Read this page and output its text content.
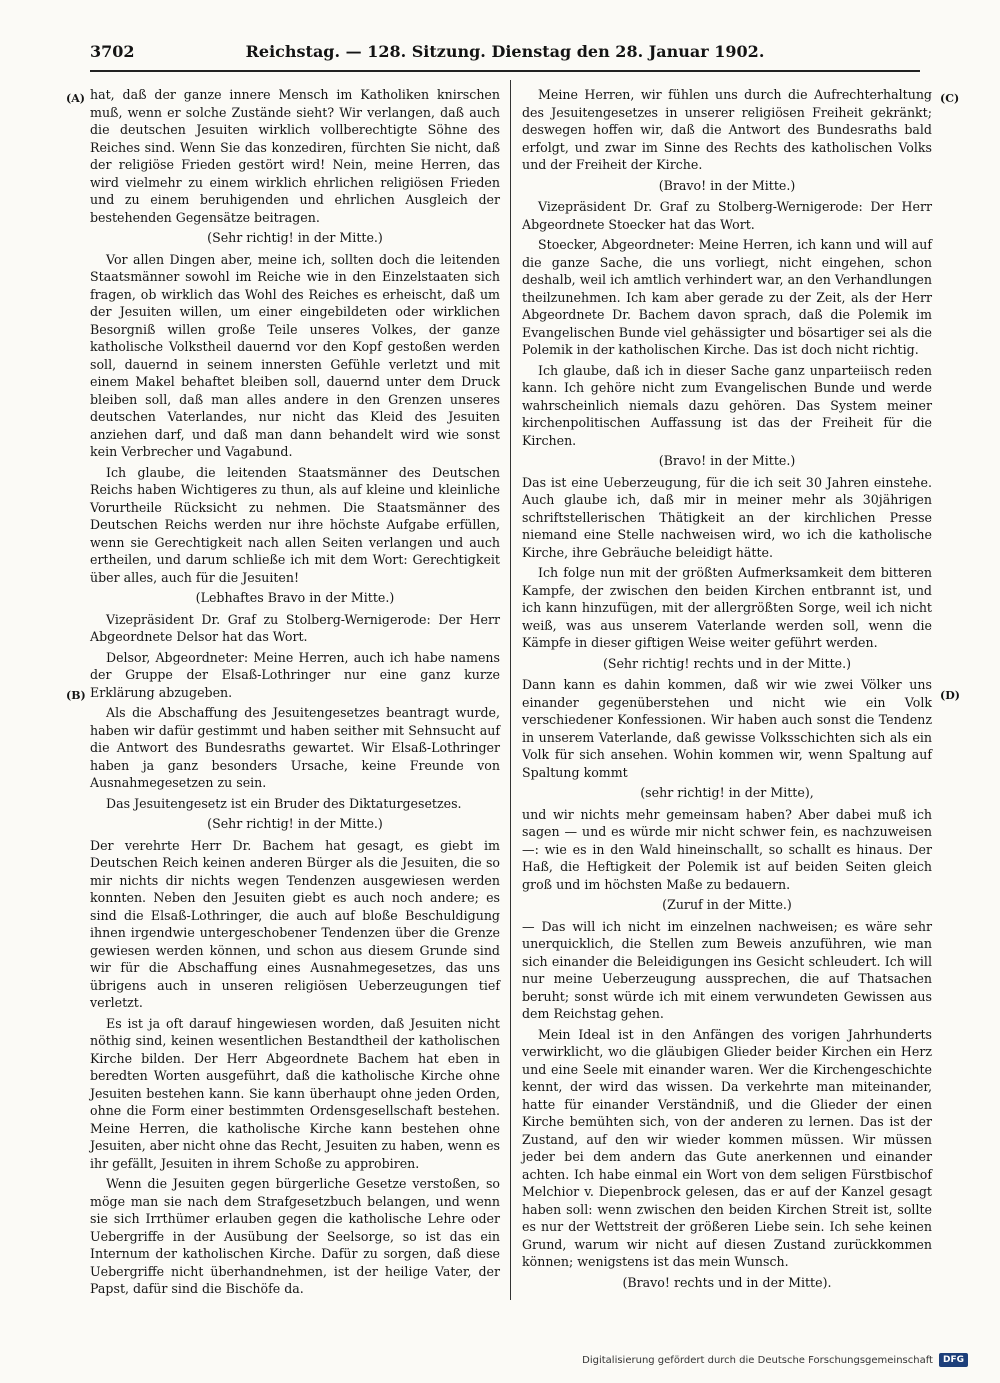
3702	Reichstag. — 128. Sitzung. Dienstag den 28. Januar 1902.
(A)
(B)
(C)
(D)

hat, daß der ganze innere Mensch im Katholiken knirschen muß, wenn er solche Zustände sieht? Wir verlangen, daß auch die deutschen Jesuiten wirklich vollberechtigte Söhne des Reiches sind. Wenn Sie das konzediren, fürchten Sie nicht, daß der religiöse Frieden gestört wird! Nein, meine Herren, das wird vielmehr zu einem wirklich ehrlichen religiösen Frieden und zu einem beruhigenden und ehrlichen Ausgleich der bestehenden Gegensätze beitragen.

(Sehr richtig! in der Mitte.)

Vor allen Dingen aber, meine ich, sollten doch die leitenden Staatsmänner sowohl im Reiche wie in den Einzelstaaten sich fragen, ob wirklich das Wohl des Reiches es erheischt, daß um der Jesuiten willen, um einer eingebildeten oder wirklichen Besorgniß willen große Teile unseres Volkes, der ganze katholische Volkstheil dauernd vor den Kopf gestoßen werden soll, dauernd in seinem innersten Gefühle verletzt und mit einem Makel behaftet bleiben soll, dauernd unter dem Druck bleiben soll, daß man alles andere in den Grenzen unseres deutschen Vaterlandes, nur nicht das Kleid des Jesuiten anziehen darf, und daß man dann behandelt wird wie sonst kein Verbrecher und Vagabund.

Ich glaube, die leitenden Staatsmänner des Deutschen Reichs haben Wichtigeres zu thun, als auf kleine und kleinliche Vorurtheile Rücksicht zu nehmen. Die Staatsmänner des Deutschen Reichs werden nur ihre höchste Aufgabe erfüllen, wenn sie Gerechtigkeit nach allen Seiten verlangen und auch ertheilen, und darum schließe ich mit dem Wort: Gerechtigkeit über alles, auch für die Jesuiten!

(Lebhaftes Bravo in der Mitte.)

Vizepräsident Dr. Graf zu Stolberg-Wernigerode: Der Herr Abgeordnete Delsor hat das Wort.

Delsor, Abgeordneter: Meine Herren, auch ich habe namens der Gruppe der Elsaß-Lothringer nur eine ganz kurze Erklärung abzugeben.

Als die Abschaffung des Jesuitengesetzes beantragt wurde, haben wir dafür gestimmt und haben seither mit Sehnsucht auf die Antwort des Bundesraths gewartet. Wir Elsaß-Lothringer haben ja ganz besonders Ursache, keine Freunde von Ausnahmegesetzen zu sein.

Das Jesuitengesetz ist ein Bruder des Diktaturgesetzes.

(Sehr richtig! in der Mitte.)

Der verehrte Herr Dr. Bachem hat gesagt, es giebt im Deutschen Reich keinen anderen Bürger als die Jesuiten, die so mir nichts dir nichts wegen Tendenzen ausgewiesen werden konnten. Neben den Jesuiten giebt es auch noch andere; es sind die Elsaß-Lothringer, die auch auf bloße Beschuldigung ihnen irgendwie untergeschobener Tendenzen über die Grenze gewiesen werden können, und schon aus diesem Grunde sind wir für die Abschaffung eines Ausnahmegesetzes, das uns übrigens auch in unseren religiösen Ueberzeugungen tief verletzt.

Es ist ja oft darauf hingewiesen worden, daß Jesuiten nicht nöthig sind, keinen wesentlichen Bestandtheil der katholischen Kirche bilden. Der Herr Abgeordnete Bachem hat eben in beredten Worten ausgeführt, daß die katholische Kirche ohne Jesuiten bestehen kann. Sie kann überhaupt ohne jeden Orden, ohne die Form einer bestimmten Ordensgesellschaft bestehen. Meine Herren, die katholische Kirche kann bestehen ohne Jesuiten, aber nicht ohne das Recht, Jesuiten zu haben, wenn es ihr gefällt, Jesuiten in ihrem Schoße zu approbiren.

Wenn die Jesuiten gegen bürgerliche Gesetze verstoßen, so möge man sie nach dem Strafgesetzbuch belangen, und wenn sie sich Irrthümer erlauben gegen die katholische Lehre oder Uebergriffe in der Ausübung der Seelsorge, so ist das ein Internum der katholischen Kirche. Dafür zu sorgen, daß diese Uebergriffe nicht überhandnehmen, ist der heilige Vater, der Papst, dafür sind die Bischöfe da.

Meine Herren, wir fühlen uns durch die Aufrechterhaltung des Jesuitengesetzes in unserer religiösen Freiheit gekränkt; deswegen hoffen wir, daß die Antwort des Bundesraths bald erfolgt, und zwar im Sinne des Rechts des katholischen Volks und der Freiheit der Kirche.

(Bravo! in der Mitte.)

Vizepräsident Dr. Graf zu Stolberg-Wernigerode: Der Herr Abgeordnete Stoecker hat das Wort.

Stoecker, Abgeordneter: Meine Herren, ich kann und will auf die ganze Sache, die uns vorliegt, nicht eingehen, schon deshalb, weil ich amtlich verhindert war, an den Verhandlungen theilzunehmen. Ich kam aber gerade zu der Zeit, als der Herr Abgeordnete Dr. Bachem davon sprach, daß die Polemik im Evangelischen Bunde viel gehässigter und bösartiger sei als die Polemik in der katholischen Kirche. Das ist doch nicht richtig.

Ich glaube, daß ich in dieser Sache ganz unparteiisch reden kann. Ich gehöre nicht zum Evangelischen Bunde und werde wahrscheinlich niemals dazu gehören. Das System meiner kirchenpolitischen Auffassung ist das der Freiheit für die Kirchen.

(Bravo! in der Mitte.)

Das ist eine Ueberzeugung, für die ich seit 30 Jahren einstehe. Auch glaube ich, daß mir in meiner mehr als 30jährigen schriftstellerischen Thätigkeit an der kirchlichen Presse niemand eine Stelle nachweisen wird, wo ich die katholische Kirche, ihre Gebräuche beleidigt hätte.

Ich folge nun mit der größten Aufmerksamkeit dem bitteren Kampfe, der zwischen den beiden Kirchen entbrannt ist, und ich kann hinzufügen, mit der allergrößten Sorge, weil ich nicht weiß, was aus unserem Vaterlande werden soll, wenn die Kämpfe in dieser giftigen Weise weiter geführt werden.

(Sehr richtig! rechts und in der Mitte.)

Dann kann es dahin kommen, daß wir wie zwei Völker uns einander gegenüberstehen und nicht wie ein Volk verschiedener Konfessionen. Wir haben auch sonst die Tendenz in unserem Vaterlande, daß gewisse Volksschichten sich als ein Volk für sich ansehen. Wohin kommen wir, wenn Spaltung auf Spaltung kommt

(sehr richtig! in der Mitte),

und wir nichts mehr gemeinsam haben? Aber dabei muß ich sagen — und es würde mir nicht schwer fein, es nachzuweisen —: wie es in den Wald hineinschallt, so schallt es hinaus. Der Haß, die Heftigkeit der Polemik ist auf beiden Seiten gleich groß und im höchsten Maße zu bedauern.

(Zuruf in der Mitte.)

— Das will ich nicht im einzelnen nachweisen; es wäre sehr unerquicklich, die Stellen zum Beweis anzuführen, wie man sich einander die Beleidigungen ins Gesicht schleudert. Ich will nur meine Ueberzeugung aussprechen, die auf Thatsachen beruht; sonst würde ich mit einem verwundeten Gewissen aus dem Reichstag gehen.

Mein Ideal ist in den Anfängen des vorigen Jahrhunderts verwirklicht, wo die gläubigen Glieder beider Kirchen ein Herz und eine Seele mit einander waren. Wer die Kirchengeschichte kennt, der wird das wissen. Da verkehrte man miteinander, hatte für einander Verständniß, und die Glieder der einen Kirche bemühten sich, von der anderen zu lernen. Das ist der Zustand, auf den wir wieder kommen müssen. Wir müssen jeder bei dem andern das Gute anerkennen und einander achten. Ich habe einmal ein Wort von dem seligen Fürstbischof Melchior v. Diepenbrock gelesen, das er auf der Kanzel gesagt haben soll: wenn zwischen den beiden Kirchen Streit ist, sollte es nur der Wettstreit der größeren Liebe sein. Ich sehe keinen Grund, warum wir nicht auf diesen Zustand zurückkommen können; wenigstens ist das mein Wunsch.

(Bravo! rechts und in der Mitte).

Digitalisierung gefördert durch die Deutsche Forschungsgemeinschaft	DFG
